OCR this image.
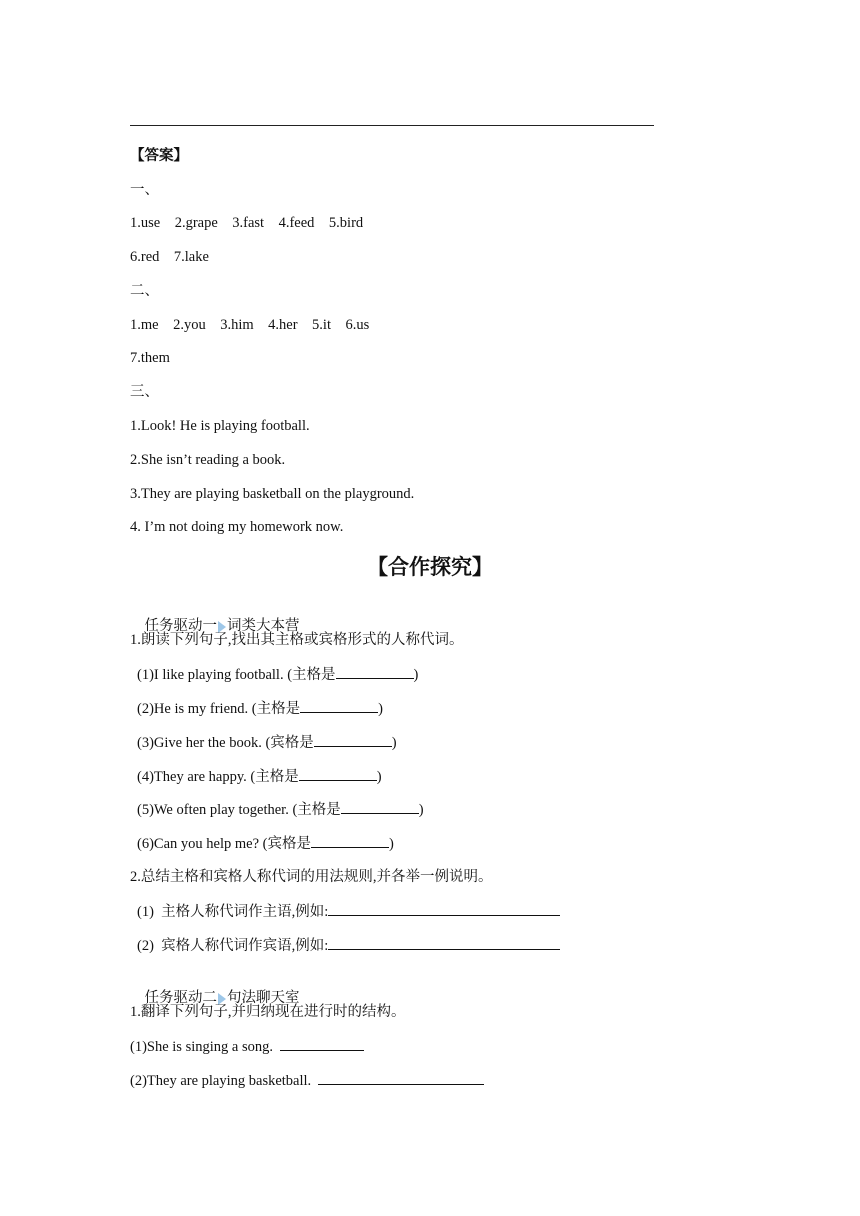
【答案】
一、
1.use    2.grape    3.fast    4.feed    5.bird
6.red    7.lake
二、
1.me    2.you    3.him    4.her    5.it    6.us
7.them
三、
1.Look! He is playing football.
2.She isn’t reading a book.
3.They are playing basketball on the playground.
4. I’m not doing my homework now.
【合作探究】

任务驱动一 词类大本营

1.朗读下列句子,找出其主格或宾格形式的人称代词。
(1)I like playing football. (主格是	)
(2)He is my friend. (主格是	)
(3)Give her the book. (宾格是	)
(4)They are happy. (主格是	)
(5)We often play together. (主格是	)
(6)Can you help me? (宾格是	)
2.总结主格和宾格人称代词的用法规则,并各举一例说明。
(1)  主格人称代词作主语,例如:
(2)  宾格人称代词作宾语,例如:

任务驱动二 句法聊天室

1.翻译下列句子,并归纳现在进行时的结构。
(1)She is singing a song.
(2)They are playing basketball.
